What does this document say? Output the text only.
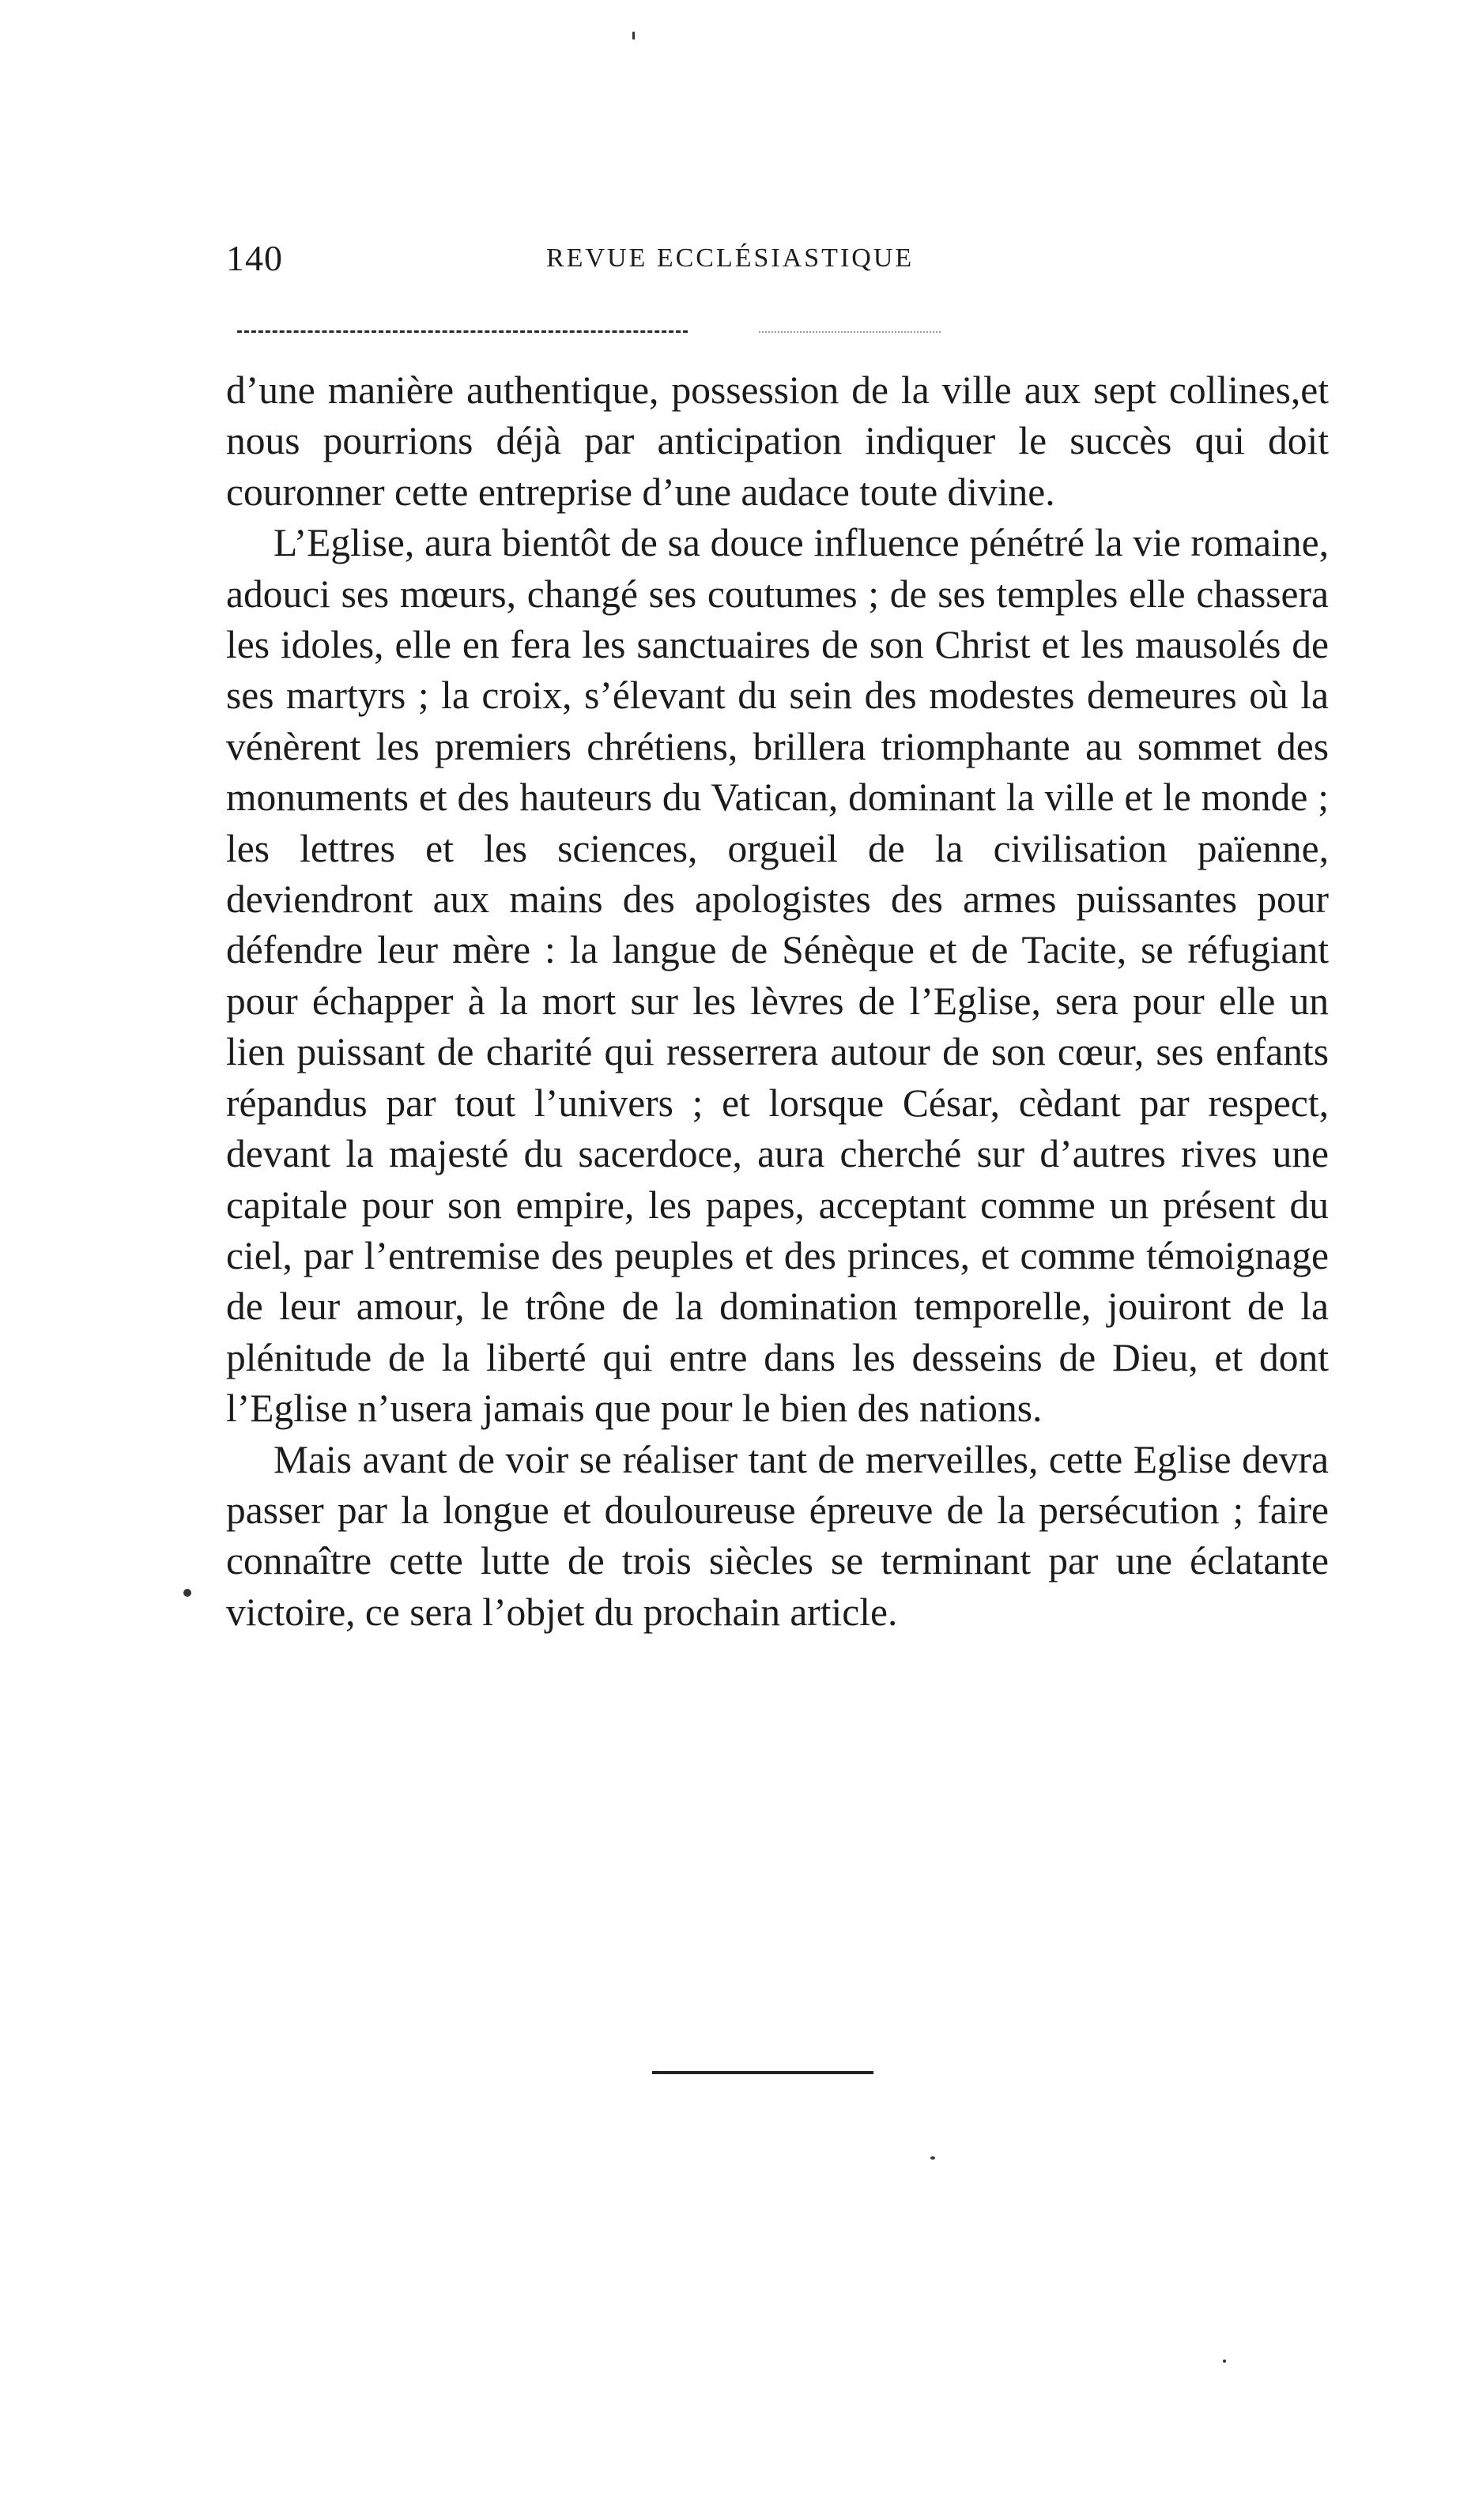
140	REVUE ECCLÉSIASTIQUE

d’une manière authentique, possession de la ville aux sept collines,et nous pourrions déjà par anticipation indiquer le succès qui doit couronner cette entreprise d’une audace toute divine.

L’Eglise, aura bientôt de sa douce influence pénétré la vie romaine, adouci ses mœurs, changé ses coutumes ; de ses temples elle chassera les idoles, elle en fera les sanctuaires de son Christ et les mausolés de ses martyrs ; la croix, s’élevant du sein des modestes demeures où la vénèrent les premiers chrétiens, brillera triomphante au sommet des monuments et des hauteurs du Vatican, dominant la ville et le monde ; les lettres et les sciences, orgueil de la civilisation païenne, deviendront aux mains des apologistes des armes puissantes pour défendre leur mère : la langue de Sénèque et de Tacite, se réfugiant pour échapper à la mort sur les lèvres de l’Eglise, sera pour elle un lien puissant de charité qui resserrera autour de son cœur, ses enfants répandus par tout l’univers ; et lorsque César, cèdant par respect, devant la majesté du sacerdoce, aura cherché sur d’autres rives une capitale pour son empire, les papes, acceptant comme un présent du ciel, par l’entremise des peuples et des princes, et comme témoignage de leur amour, le trône de la domination temporelle, jouiront de la plénitude de la liberté qui entre dans les desseins de Dieu, et dont l’Eglise n’usera jamais que pour le bien des nations.

Mais avant de voir se réaliser tant de merveilles, cette Eglise devra passer par la longue et douloureuse épreuve de la persécution ; faire connaître cette lutte de trois siècles se terminant par une éclatante victoire, ce sera l’objet du prochain article.
